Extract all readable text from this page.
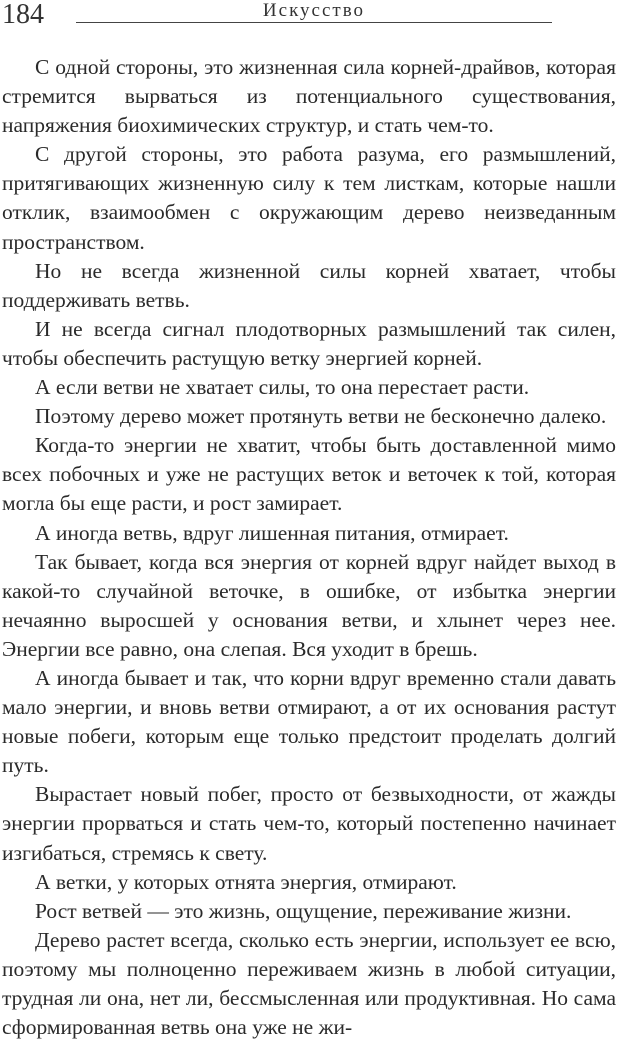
184	Искусство

С одной стороны, это жизненная сила корней-драйвов, которая стремится вырваться из потенциального существования, напряжения биохимических структур, и стать чем-то.

С другой стороны, это работа разума, его размышлений, притягивающих жизненную силу к тем листкам, которые нашли отклик, взаимообмен с окружающим дерево неизведанным пространством.

Но не всегда жизненной силы корней хватает, чтобы поддерживать ветвь.

И не всегда сигнал плодотворных размышлений так силен, чтобы обеспечить растущую ветку энергией корней.

А если ветви не хватает силы, то она перестает расти.

Поэтому дерево может протянуть ветви не бесконечно далеко.

Когда-то энергии не хватит, чтобы быть доставленной мимо всех побочных и уже не растущих веток и веточек к той, которая могла бы еще расти, и рост замирает.

А иногда ветвь, вдруг лишенная питания, отмирает.

Так бывает, когда вся энергия от корней вдруг найдет выход в какой-то случайной веточке, в ошибке, от избытка энергии нечаянно выросшей у основания ветви, и хлынет через нее. Энергии все равно, она слепая. Вся уходит в брешь.

А иногда бывает и так, что корни вдруг временно стали давать мало энергии, и вновь ветви отмирают, а от их основания растут новые побеги, которым еще только предстоит проделать долгий путь.

Вырастает новый побег, просто от безвыходности, от жажды энергии прорваться и стать чем-то, который постепенно начинает изгибаться, стремясь к свету.

А ветки, у которых отнята энергия, отмирают.

Рост ветвей — это жизнь, ощущение, переживание жизни.

Дерево растет всегда, сколько есть энергии, использует ее всю, поэтому мы полноценно переживаем жизнь в любой ситуации, трудная ли она, нет ли, бессмысленная или продуктивная. Но сама сформированная ветвь она уже не жи-
